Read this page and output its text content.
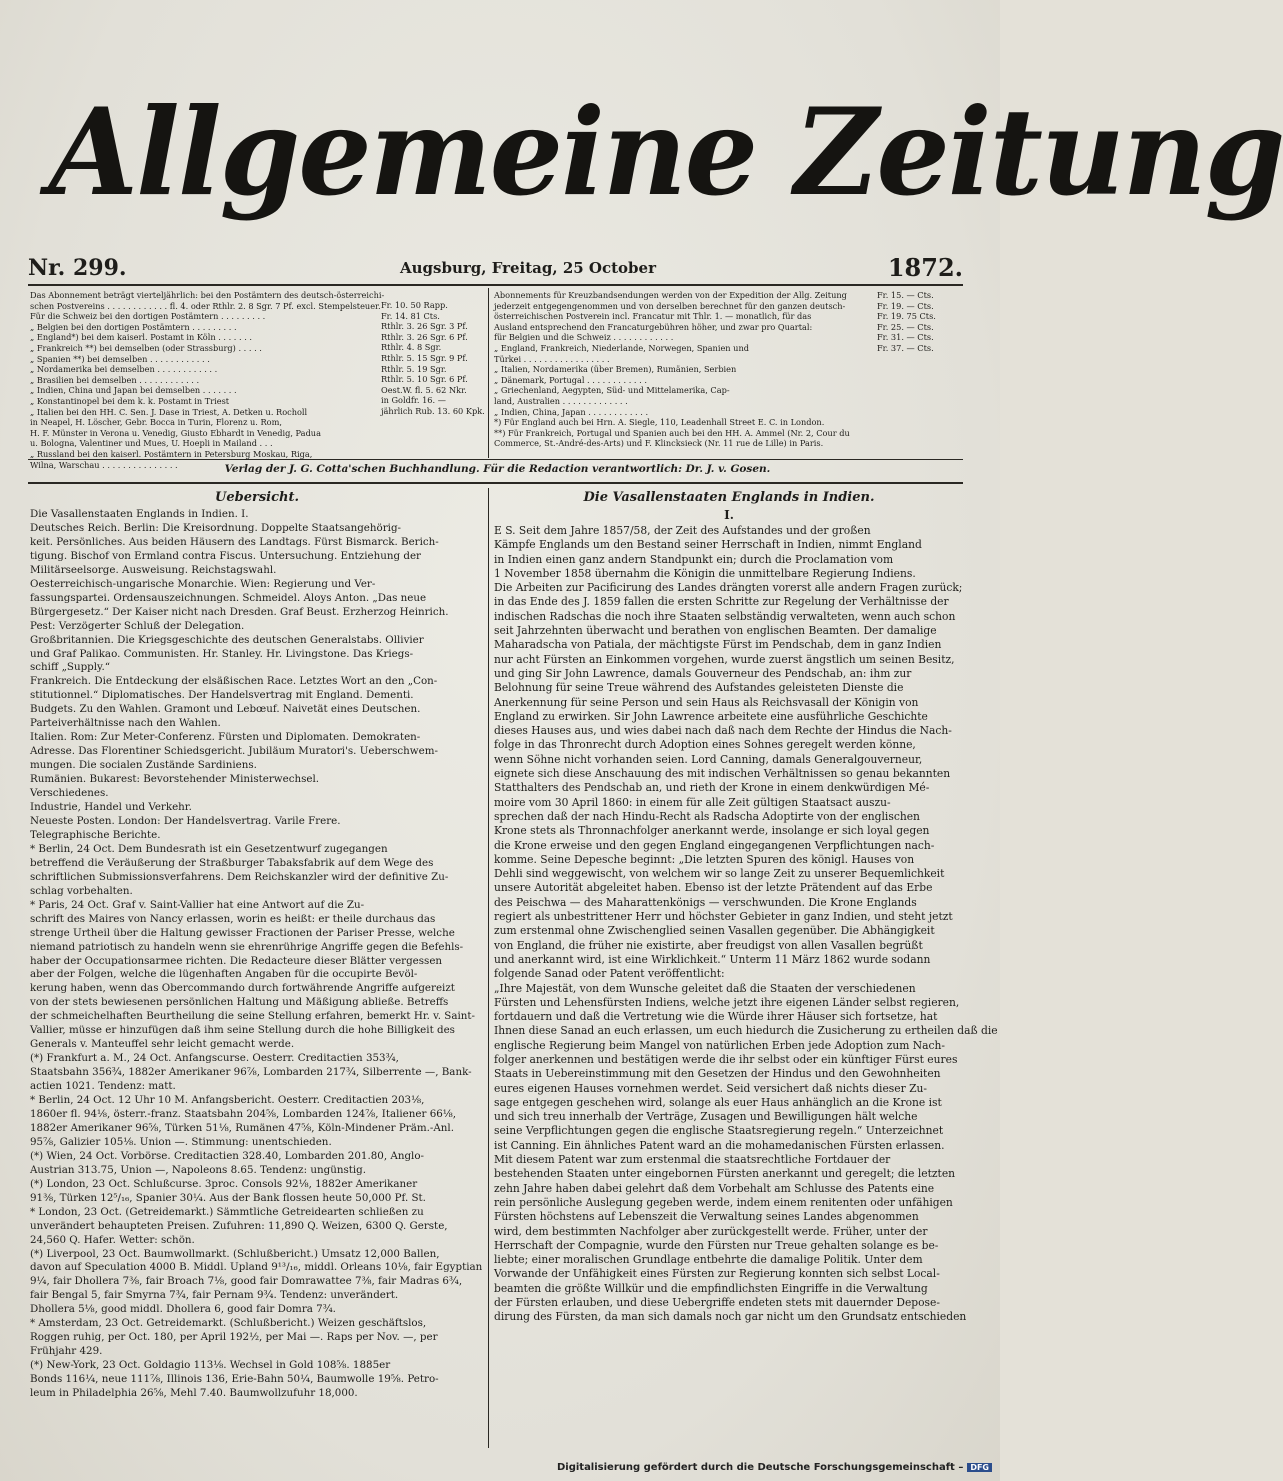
Allgemeine Zeitung
Nr. 299.	Augsburg, Freitag, 25 October	1872.
Das Abonnement beträgt vierteljährlich: bei den Postämtern des deutsch-österreichi-
schen Postvereins . . . . . . . . . . . . fl. 4. oder Rthlr. 2. 8 Sgr. 7 Pf. excl. Stempelsteuer.
Für die Schweiz bei den dortigen Postämtern . . . . . . . . .
„ Belgien bei den dortigen Postämtern . . . . . . . . .
„ England*) bei dem kaiserl. Postamt in Köln . . . . . . .
„ Frankreich **) bei demselben (oder Strassburg) . . . . .
„ Spanien **) bei demselben . . . . . . . . . . . .
„ Nordamerika bei demselben . . . . . . . . . . . .
„ Brasilien bei demselben . . . . . . . . . . . .
„ Indien, China und Japan bei demselben . . . . . . .
„ Konstantinopel bei dem k. k. Postamt in Triest
„ Italien bei den HH. C. Sen. J. Dase in Triest, A. Detken u. Rocholl
in Neapel, H. Löscher, Gebr. Bocca in Turin, Florenz u. Rom,
H. F. Münster in Verona u. Venedig, Giusto Ebhardt in Venedig, Padua
u. Bologna, Valentiner und Mues, U. Hoepli in Mailand . . .
„ Russland bei den kaiserl. Postämtern in Petersburg Moskau, Riga,
Wilna, Warschau . . . . . . . . . . . . . . .
Fr. 10. 50 Rapp.
Fr. 14. 81 Cts.
Rthlr. 3. 26 Sgr. 3 Pf.
Rthlr. 3. 26 Sgr. 6 Pf.
Rthlr. 4. 8 Sgr.
Rthlr. 5. 15 Sgr. 9 Pf.
Rthlr. 5. 19 Sgr.
Rthlr. 5. 10 Sgr. 6 Pf.
Oest.W. fl. 5. 62 Nkr.
in Goldfr. 16. —
jährlich Rub. 13. 60 Kpk.
Abonnements für Kreuzbandsendungen werden von der Expedition der Allg. Zeitung
jederzeit entgegengenommen und von derselben berechnet für den ganzen deutsch-
österreichischen Postverein incl. Francatur mit Thlr. 1. — monatlich, für das
Ausland entsprechend den Francaturgebühren höher, und zwar pro Quartal:
für Belgien und die Schweiz . . . . . . . . . . . .
„ England, Frankreich, Niederlande, Norwegen, Spanien und
Türkei . . . . . . . . . . . . . . . . .
„ Italien, Nordamerika (über Bremen), Rumänien, Serbien
„ Dänemark, Portugal . . . . . . . . . . . .
„ Griechenland, Aegypten, Süd- und Mittelamerika, Cap-
land, Australien . . . . . . . . . . . . .
„ Indien, China, Japan . . . . . . . . . . . .
*) Für England auch bei Hrn. A. Siegle, 110, Leadenhall Street E. C. in London.
**) Für Frankreich, Portugal und Spanien auch bei den HH. A. Ammel (Nr. 2, Cour du
Commerce, St.-André-des-Arts) und F. Klincksieck (Nr. 11 rue de Lille) in Paris.
Fr. 15. — Cts.
Fr. 19. — Cts.
Fr. 19. 75 Cts.
Fr. 25. — Cts.
Fr. 31. — Cts.
Fr. 37. — Cts.
Verlag der J. G. Cotta'schen Buchhandlung. Für die Redaction verantwortlich: Dr. J. v. Gosen.
Uebersicht.
Die Vasallenstaaten Englands in Indien. I.
Deutsches Reich. Berlin: Die Kreisordnung. Doppelte Staatsangehörig-
keit. Persönliches. Aus beiden Häusern des Landtags. Fürst Bismarck. Berich-
tigung. Bischof von Ermland contra Fiscus. Untersuchung. Entziehung der
Militärseelsorge. Ausweisung. Reichstagswahl.
Oesterreichisch-ungarische Monarchie. Wien: Regierung und Ver-
fassungspartei. Ordensauszeichnungen. Schmeidel. Aloys Anton. „Das neue
Bürgergesetz.“ Der Kaiser nicht nach Dresden. Graf Beust. Erzherzog Heinrich.
Pest: Verzögerter Schluß der Delegation.
Großbritannien. Die Kriegsgeschichte des deutschen Generalstabs. Ollivier
und Graf Palikao. Communisten. Hr. Stanley. Hr. Livingstone. Das Kriegs-
schiff „Supply.“
Frankreich. Die Entdeckung der elsäßischen Race. Letztes Wort an den „Con-
stitutionnel.“ Diplomatisches. Der Handelsvertrag mit England. Dementi.
Budgets. Zu den Wahlen. Gramont und Lebœuf. Naivetät eines Deutschen.
Parteiverhältnisse nach den Wahlen.
Italien. Rom: Zur Meter-Conferenz. Fürsten und Diplomaten. Demokraten-
Adresse. Das Florentiner Schiedsgericht. Jubiläum Muratori's. Ueberschwem-
mungen. Die socialen Zustände Sardiniens.
Rumänien. Bukarest: Bevorstehender Ministerwechsel.
Verschiedenes.
Industrie, Handel und Verkehr.
Neueste Posten. London: Der Handelsvertrag. Varile Frere.
Telegraphische Berichte.
* Berlin, 24 Oct. Dem Bundesrath ist ein Gesetzentwurf zugegangen
betreffend die Veräußerung der Straßburger Tabaksfabrik auf dem Wege des
schriftlichen Submissionsverfahrens. Dem Reichskanzler wird der definitive Zu-
schlag vorbehalten.
* Paris, 24 Oct. Graf v. Saint-Vallier hat eine Antwort auf die Zu-
schrift des Maires von Nancy erlassen, worin es heißt: er theile durchaus das
strenge Urtheil über die Haltung gewisser Fractionen der Pariser Presse, welche
niemand patriotisch zu handeln wenn sie ehrenrührige Angriffe gegen die Befehls-
haber der Occupationsarmee richten. Die Redacteure dieser Blätter vergessen
aber der Folgen, welche die lügenhaften Angaben für die occupirte Bevöl-
kerung haben, wenn das Obercommando durch fortwährende Angriffe aufgereizt
von der stets bewiesenen persönlichen Haltung und Mäßigung abließe. Betreffs
der schmeichelhaften Beurtheilung die seine Stellung erfahren, bemerkt Hr. v. Saint-
Vallier, müsse er hinzufügen daß ihm seine Stellung durch die hohe Billigkeit des
Generals v. Manteuffel sehr leicht gemacht werde.
(*) Frankfurt a. M., 24 Oct. Anfangscurse. Oesterr. Creditactien 353¾,
Staatsbahn 356¾, 1882er Amerikaner 96⅞, Lombarden 217¾, Silberrente —, Bank-
actien 1021. Tendenz: matt.
* Berlin, 24 Oct. 12 Uhr 10 M. Anfangsbericht. Oesterr. Creditactien 203⅛,
1860er fl. 94⅛, österr.-franz. Staatsbahn 204⅝, Lombarden 124⅞, Italiener 66⅛,
1882er Amerikaner 96⅝, Türken 51⅛, Rumänen 47⅝, Köln-Mindener Präm.-Anl.
95⅞, Galizier 105⅛. Union —. Stimmung: unentschieden.
(*) Wien, 24 Oct. Vorbörse. Creditactien 328.40, Lombarden 201.80, Anglo-
Austrian 313.75, Union —, Napoleons 8.65. Tendenz: ungünstig.
(*) London, 23 Oct. Schlußcurse. 3proc. Consols 92⅛, 1882er Amerikaner
91⅜, Türken 12⁵/₁₆, Spanier 30¼. Aus der Bank flossen heute 50,000 Pf. St.
* London, 23 Oct. (Getreidemarkt.) Sämmtliche Getreidearten schließen zu
unverändert behaupteten Preisen. Zufuhren: 11,890 Q. Weizen, 6300 Q. Gerste,
24,560 Q. Hafer. Wetter: schön.
(*) Liverpool, 23 Oct. Baumwollmarkt. (Schlußbericht.) Umsatz 12,000 Ballen,
davon auf Speculation 4000 B. Middl. Upland 9¹³/₁₆, middl. Orleans 10⅛, fair Egyptian
9¼, fair Dhollera 7⅜, fair Broach 7⅛, good fair Domrawattee 7⅜, fair Madras 6¾,
fair Bengal 5, fair Smyrna 7¾, fair Pernam 9¾. Tendenz: unverändert.
Dhollera 5⅛, good middl. Dhollera 6, good fair Domra 7¾.
* Amsterdam, 23 Oct. Getreidemarkt. (Schlußbericht.) Weizen geschäftslos,
Roggen ruhig, per Oct. 180, per April 192½, per Mai —. Raps per Nov. —, per
Frühjahr 429.
(*) New-York, 23 Oct. Goldagio 113⅛. Wechsel in Gold 108⅝. 1885er
Bonds 116¼, neue 111⅞, Illinois 136, Erie-Bahn 50¼, Baumwolle 19⅝. Petro-
leum in Philadelphia 26⅝, Mehl 7.40. Baumwollzufuhr 18,000.
Die Vasallenstaaten Englands in Indien.
I.
E S. Seit dem Jahre 1857/58, der Zeit des Aufstandes und der großen
Kämpfe Englands um den Bestand seiner Herrschaft in Indien, nimmt England
in Indien einen ganz andern Standpunkt ein; durch die Proclamation vom
1 November 1858 übernahm die Königin die unmittelbare Regierung Indiens.
Die Arbeiten zur Pacificirung des Landes drängten vorerst alle andern Fragen zurück;
in das Ende des J. 1859 fallen die ersten Schritte zur Regelung der Verhältnisse der
indischen Radschas die noch ihre Staaten selbständig verwalteten, wenn auch schon
seit Jahrzehnten überwacht und berathen von englischen Beamten. Der damalige
Maharadscha von Patiala, der mächtigste Fürst im Pendschab, dem in ganz Indien
nur acht Fürsten an Einkommen vorgehen, wurde zuerst ängstlich um seinen Besitz,
und ging Sir John Lawrence, damals Gouverneur des Pendschab, an: ihm zur
Belohnung für seine Treue während des Aufstandes geleisteten Dienste die
Anerkennung für seine Person und sein Haus als Reichsvasall der Königin von
England zu erwirken. Sir John Lawrence arbeitete eine ausführliche Geschichte
dieses Hauses aus, und wies dabei nach daß nach dem Rechte der Hindus die Nach-
folge in das Thronrecht durch Adoption eines Sohnes geregelt werden könne,
wenn Söhne nicht vorhanden seien. Lord Canning, damals Generalgouverneur,
eignete sich diese Anschauung des mit indischen Verhältnissen so genau bekannten
Statthalters des Pendschab an, und rieth der Krone in einem denkwürdigen Mé-
moire vom 30 April 1860: in einem für alle Zeit gültigen Staatsact auszu-
sprechen daß der nach Hindu-Recht als Radscha Adoptirte von der englischen
Krone stets als Thronnachfolger anerkannt werde, insolange er sich loyal gegen
die Krone erweise und den gegen England eingegangenen Verpflichtungen nach-
komme. Seine Depesche beginnt: „Die letzten Spuren des königl. Hauses von
Dehli sind weggewischt, von welchem wir so lange Zeit zu unserer Bequemlichkeit
unsere Autorität abgeleitet haben. Ebenso ist der letzte Prätendent auf das Erbe
des Peischwa — des Maharattenkönigs — verschwunden. Die Krone Englands
regiert als unbestrittener Herr und höchster Gebieter in ganz Indien, und steht jetzt
zum erstenmal ohne Zwischenglied seinen Vasallen gegenüber. Die Abhängigkeit
von England, die früher nie existirte, aber freudigst von allen Vasallen begrüßt
und anerkannt wird, ist eine Wirklichkeit.“ Unterm 11 März 1862 wurde sodann
folgende Sanad oder Patent veröffentlicht:
„Ihre Majestät, von dem Wunsche geleitet daß die Staaten der verschiedenen
Fürsten und Lehensfürsten Indiens, welche jetzt ihre eigenen Länder selbst regieren,
fortdauern und daß die Vertretung wie die Würde ihrer Häuser sich fortsetze, hat
Ihnen diese Sanad an euch erlassen, um euch hiedurch die Zusicherung zu ertheilen daß die
englische Regierung beim Mangel von natürlichen Erben jede Adoption zum Nach-
folger anerkennen und bestätigen werde die ihr selbst oder ein künftiger Fürst eures
Staats in Uebereinstimmung mit den Gesetzen der Hindus und den Gewohnheiten
eures eigenen Hauses vornehmen werdet. Seid versichert daß nichts dieser Zu-
sage entgegen geschehen wird, solange als euer Haus anhänglich an die Krone ist
und sich treu innerhalb der Verträge, Zusagen und Bewilligungen hält welche
seine Verpflichtungen gegen die englische Staatsregierung regeln.“ Unterzeichnet
ist Canning. Ein ähnliches Patent ward an die mohamedanischen Fürsten erlassen.
Mit diesem Patent war zum erstenmal die staatsrechtliche Fortdauer der
bestehenden Staaten unter eingebornen Fürsten anerkannt und geregelt; die letzten
zehn Jahre haben dabei gelehrt daß dem Vorbehalt am Schlusse des Patents eine
rein persönliche Auslegung gegeben werde, indem einem renitenten oder unfähigen
Fürsten höchstens auf Lebenszeit die Verwaltung seines Landes abgenommen
wird, dem bestimmten Nachfolger aber zurückgestellt werde. Früher, unter der
Herrschaft der Compagnie, wurde den Fürsten nur Treue gehalten solange es be-
liebte; einer moralischen Grundlage entbehrte die damalige Politik. Unter dem
Vorwande der Unfähigkeit eines Fürsten zur Regierung konnten sich selbst Local-
beamten die größte Willkür und die empfindlichsten Eingriffe in die Verwaltung
der Fürsten erlauben, und diese Uebergriffe endeten stets mit dauernder Depose-
dirung des Fürsten, da man sich damals noch gar nicht um den Grundsatz entschieden
Digitalisierung gefördert durch die Deutsche Forschungsgemeinschaft – DFG
